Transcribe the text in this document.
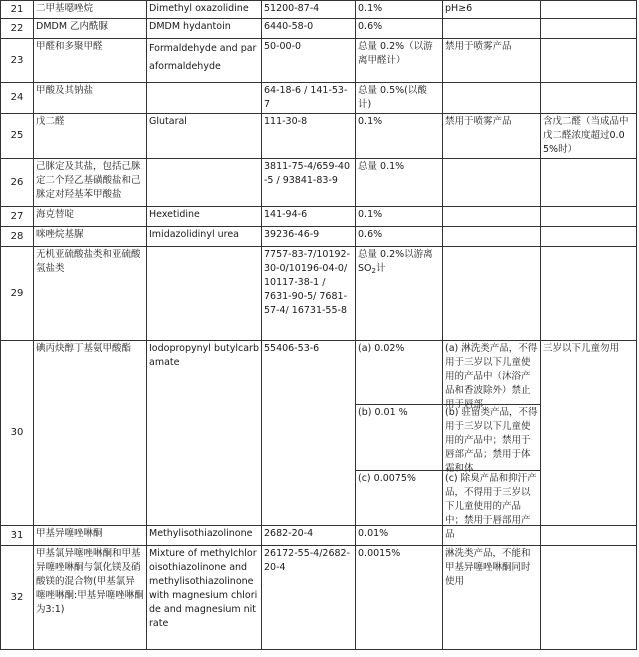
21	二甲基噁唑烷	Dimethyl oxazolidine	51200-87-4	0.1%	pH≥6	
22	DMDM 乙内酰脲	DMDM hydantoin	6440-58-0	0.6%		
23	甲醛和多聚甲醛	Formaldehyde and paraformaldehyde	50-00-0	总量 0.2%（以游离甲醛计）	禁用于喷雾产品	
24	甲酸及其钠盐		64-18-6 / 141-53-7	总量 0.5%(以酸计)		
25	戊二醛	Glutaral	111-30-8	0.1%	禁用于喷雾产品	含戊二醛（当成品中戊二醛浓度超过0.05%时）
26	己脒定及其盐，包括己脒定二个羟乙基磺酸盐和己脒定对羟基苯甲酸盐		3811-75-4/659-40-5 / 93841-83-9	总量 0.1%		
27	海克替啶	Hexetidine	141-94-6	0.1%		
28	咪唑烷基脲	Imidazolidinyl urea	39236-46-9	0.6%		
29	无机亚硫酸盐类和亚硫酸氢盐类		7757-83-7/10192-30-0/10196-04-0/ 10117-38-1 /
7631-90-5/ 7681-57-4/ 16731-55-8	总量 0.2%以游离 $SO_2$计		
30	碘丙炔醇丁基氨甲酸酯	Iodopropynyl butylcarbamate	55406-53-6	(a) 0.02%	(a) 淋洗类产品，不得用于三岁以下儿童使用的产品中（沐浴产品和香波除外）禁止用于唇部	三岁以下儿童勿用
				(b) 0.01 %	(b) 驻留类产品，不得用于三岁以下儿童使用的产品中；禁用于唇部产品；禁用于体霜和体	

				(c) 0.0075%	(c) 除臭产品和抑汗产品，不得用于三岁以下儿童使用的产品中；禁用于唇部用产品	

31	甲基异噻唑啉酮	Methylisothiazolinone	2682-20-4	0.01%		
32	甲基氯异噻唑啉酮和甲基异噻唑啉酮与氯化镁及硝酸镁的混合物(甲基氯异噻唑啉酮:甲基异噻唑啉酮为3:1)	Mixture of methylchloroisothiazolinone and methylisothiazolinone with magnesium chloride and magnesium nitrate	26172-55-4/2682-20-4	0.0015%	淋洗类产品，不能和甲基异噻唑啉酮同时使用	
